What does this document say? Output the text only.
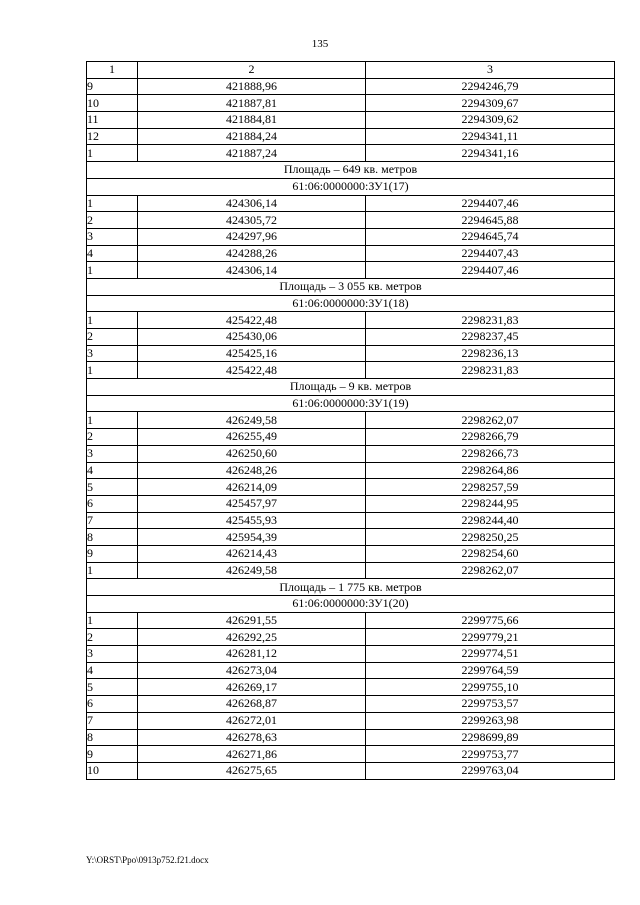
135
1	2	3
9	421888,96	2294246,79
10	421887,81	2294309,67
11	421884,81	2294309,62
12	421884,24	2294341,11
1	421887,24	2294341,16
Площадь – 649 кв. метров		
61:06:0000000:ЗУ1(17)		
1	424306,14	2294407,46
2	424305,72	2294645,88
3	424297,96	2294645,74
4	424288,26	2294407,43
1	424306,14	2294407,46
Площадь – 3 055 кв. метров		
61:06:0000000:ЗУ1(18)		
1	425422,48	2298231,83
2	425430,06	2298237,45
3	425425,16	2298236,13
1	425422,48	2298231,83
Площадь – 9 кв. метров		
61:06:0000000:ЗУ1(19)		
1	426249,58	2298262,07
2	426255,49	2298266,79
3	426250,60	2298266,73
4	426248,26	2298264,86
5	426214,09	2298257,59
6	425457,97	2298244,95
7	425455,93	2298244,40
8	425954,39	2298250,25
9	426214,43	2298254,60
1	426249,58	2298262,07
Площадь – 1 775 кв. метров		
61:06:0000000:ЗУ1(20)		
1	426291,55	2299775,66
2	426292,25	2299779,21
3	426281,12	2299774,51
4	426273,04	2299764,59
5	426269,17	2299755,10
6	426268,87	2299753,57
7	426272,01	2299263,98
8	426278,63	2298699,89
9	426271,86	2299753,77
10	426275,65	2299763,04
Y:\ORST\Ppo\0913p752.f21.docx
